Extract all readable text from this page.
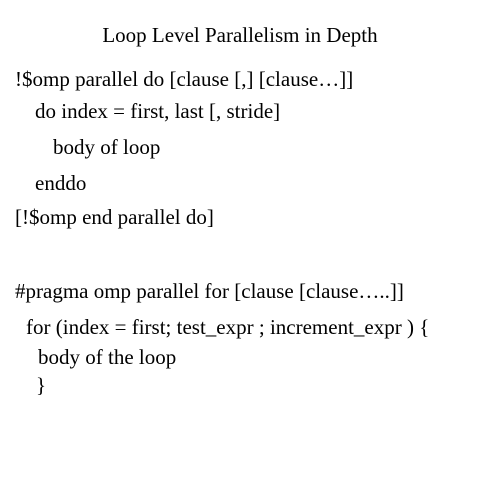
Loop Level Parallelism in Depth
!$omp parallel do [clause [,] [clause…]]
do index = first, last [, stride]
body of loop
enddo
[!$omp end parallel do]
#pragma omp parallel for [clause [clause…..]]
for (index = first; test_expr ; increment_expr ) {
body of the loop
}
